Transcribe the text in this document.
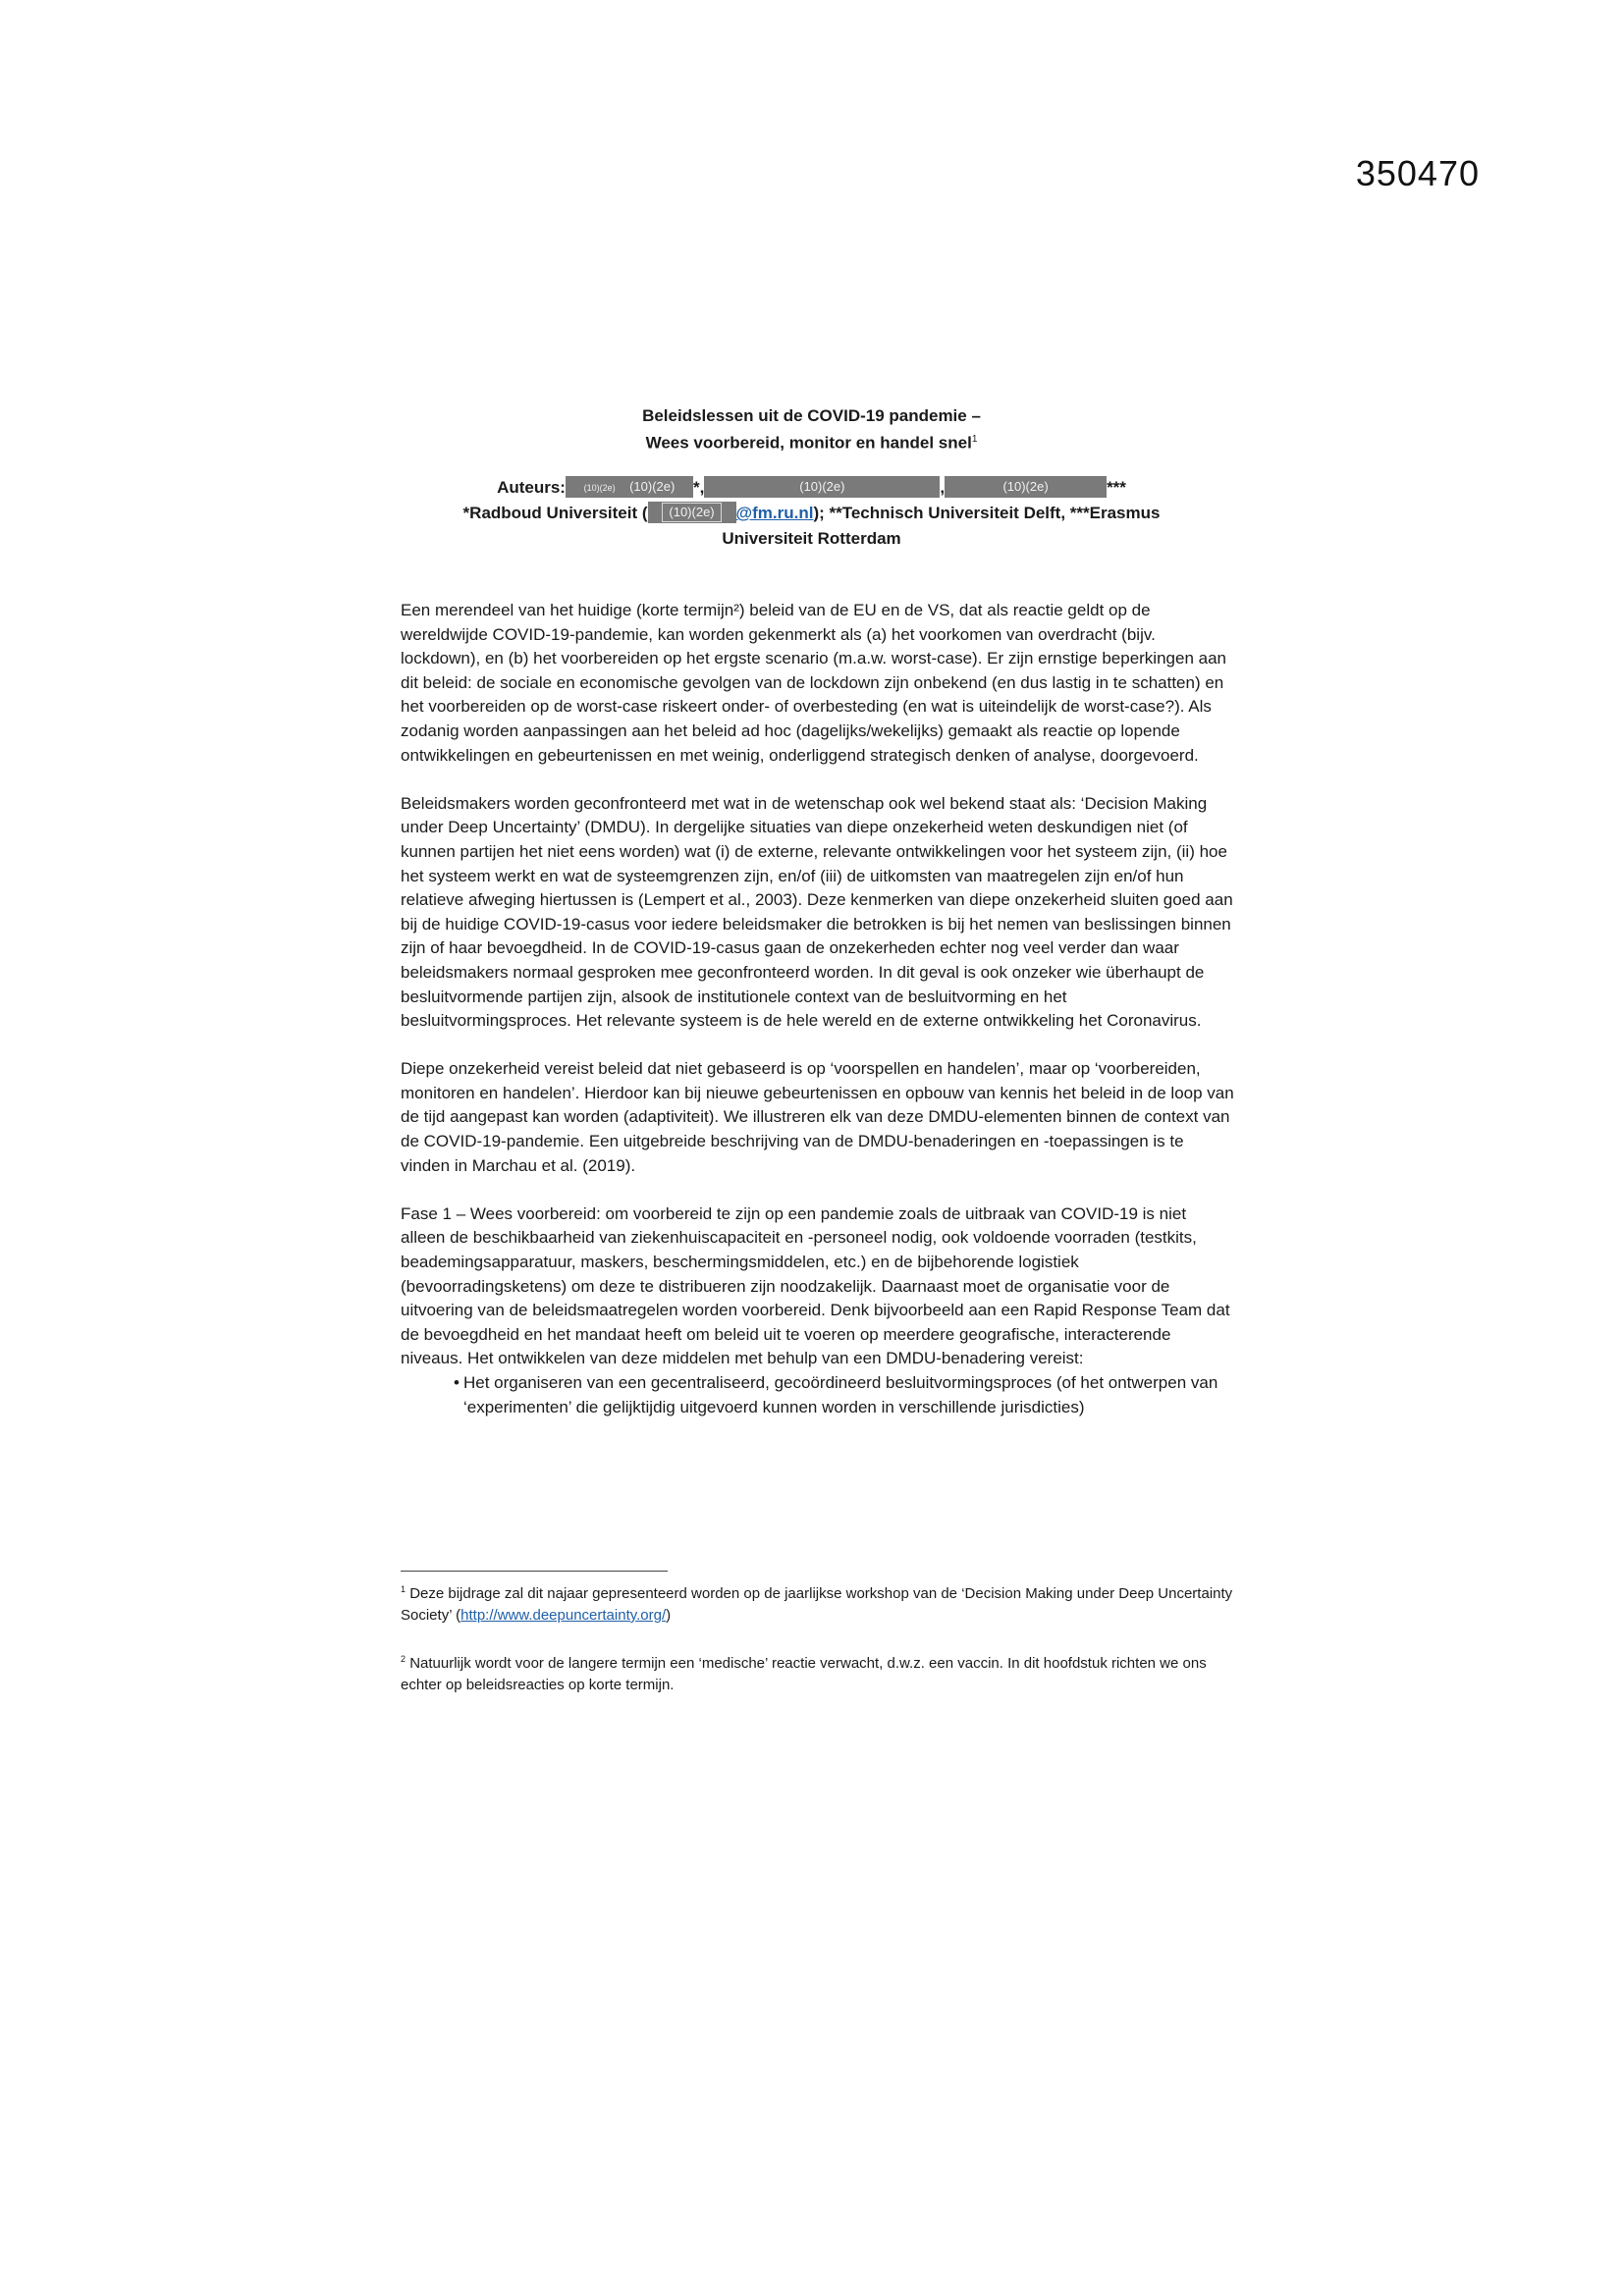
350470
Beleidslessen uit de COVID-19 pandemie –
Wees voorbereid, monitor en handel snel$^1$
Auteurs: (10)(2e) (10)(2e) *,	(10)(2e)	,	(10)(2e)	***
*Radboud Universiteit ( (10)(2e) @fm.ru.nl); **Technisch Universiteit Delft, ***Erasmus
Universiteit Rotterdam

Een merendeel van het huidige (korte termijn²) beleid van de EU en de VS, dat als reactie geldt op de wereldwijde COVID-19-pandemie, kan worden gekenmerkt als (a) het voorkomen van overdracht (bijv. lockdown), en (b) het voorbereiden op het ergste scenario (m.a.w. worst-case). Er zijn ernstige beperkingen aan dit beleid: de sociale en economische gevolgen van de lockdown zijn onbekend (en dus lastig in te schatten) en het voorbereiden op de worst-case riskeert onder- of overbesteding (en wat is uiteindelijk de worst-case?). Als zodanig worden aanpassingen aan het beleid ad hoc (dagelijks/wekelijks) gemaakt als reactie op lopende ontwikkelingen en gebeurtenissen en met weinig, onderliggend strategisch denken of analyse, doorgevoerd.

Beleidsmakers worden geconfronteerd met wat in de wetenschap ook wel bekend staat als: ‘Decision Making under Deep Uncertainty’ (DMDU). In dergelijke situaties van diepe onzekerheid weten deskundigen niet (of kunnen partijen het niet eens worden) wat (i) de externe, relevante ontwikkelingen voor het systeem zijn, (ii) hoe het systeem werkt en wat de systeemgrenzen zijn, en/of (iii) de uitkomsten van maatregelen zijn en/of hun relatieve afweging hiertussen is (Lempert et al., 2003). Deze kenmerken van diepe onzekerheid sluiten goed aan bij de huidige COVID-19-casus voor iedere beleidsmaker die betrokken is bij het nemen van beslissingen binnen zijn of haar bevoegdheid. In de COVID-19-casus gaan de onzekerheden echter nog veel verder dan waar beleidsmakers normaal gesproken mee geconfronteerd worden. In dit geval is ook onzeker wie überhaupt de besluitvormende partijen zijn, alsook de institutionele context van de besluitvorming en het besluitvormingsproces. Het relevante systeem is de hele wereld en de externe ontwikkeling het Coronavirus.

Diepe onzekerheid vereist beleid dat niet gebaseerd is op ‘voorspellen en handelen’, maar op ‘voorbereiden, monitoren en handelen’. Hierdoor kan bij nieuwe gebeurtenissen en opbouw van kennis het beleid in de loop van de tijd aangepast kan worden (adaptiviteit). We illustreren elk van deze DMDU-elementen binnen de context van de COVID-19-pandemie. Een uitgebreide beschrijving van de DMDU-benaderingen en -toepassingen is te vinden in Marchau et al. (2019).

Fase 1 – Wees voorbereid: om voorbereid te zijn op een pandemie zoals de uitbraak van COVID-19 is niet alleen de beschikbaarheid van ziekenhuiscapaciteit en -personeel nodig, ook voldoende voorraden (testkits, beademingsapparatuur, maskers, beschermingsmiddelen, etc.) en de bijbehorende logistiek (bevoorradingsketens) om deze te distribueren zijn noodzakelijk. Daarnaast moet de organisatie voor de uitvoering van de beleidsmaatregelen worden voorbereid. Denk bijvoorbeeld aan een Rapid Response Team dat de bevoegdheid en het mandaat heeft om beleid uit te voeren op meerdere geografische, interacterende niveaus. Het ontwikkelen van deze middelen met behulp van een DMDU-benadering vereist:

• Het organiseren van een gecentraliseerd, gecoördineerd besluitvormingsproces (of het ontwerpen van ‘experimenten’ die gelijktijdig uitgevoerd kunnen worden in verschillende jurisdicties)

$^1$ Deze bijdrage zal dit najaar gepresenteerd worden op de jaarlijkse workshop van de ‘Decision Making under Deep Uncertainty Society’ (http://www.deepuncertainty.org/)

$^2$ Natuurlijk wordt voor de langere termijn een ‘medische’ reactie verwacht, d.w.z. een vaccin. In dit hoofdstuk richten we ons echter op beleidsreacties op korte termijn.
